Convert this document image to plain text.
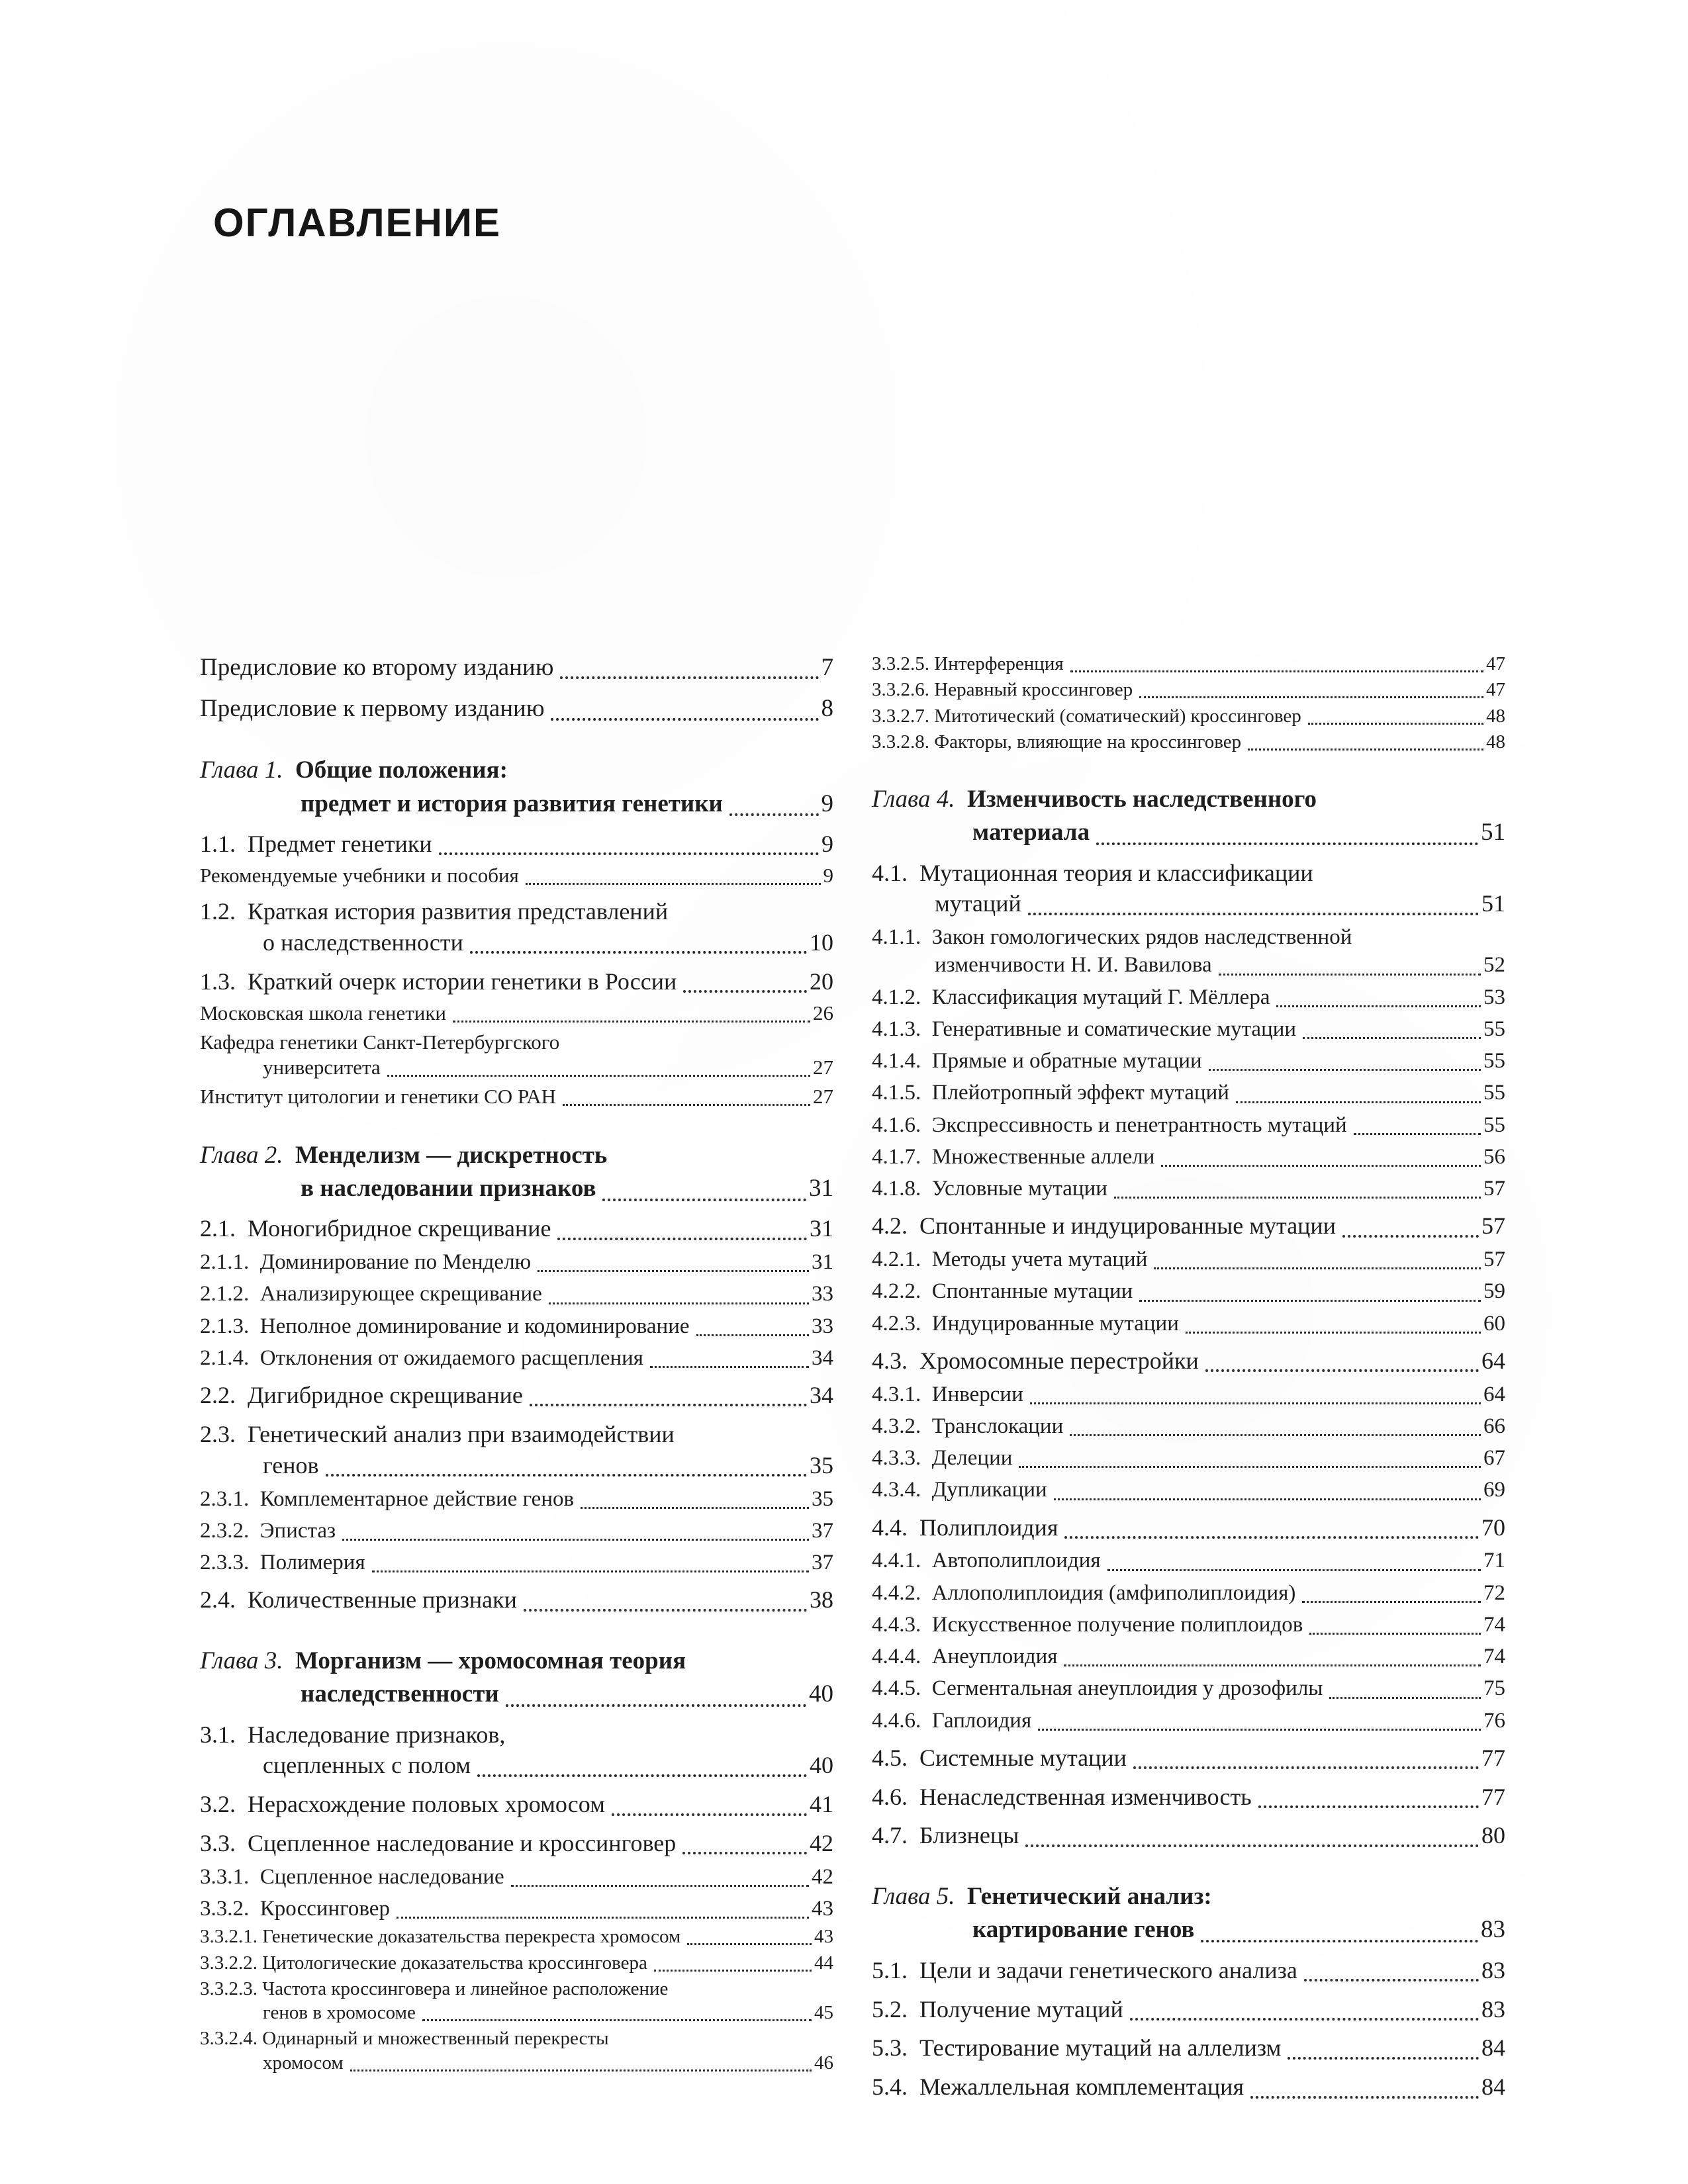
ОГЛАВЛЕНИЕ
Предисловие ко второму изданию	7
Предисловие к первому изданию	8
Глава 1. Общие положения:
предмет и история развития генетики	9
1.1.  Предмет генетики	9
Рекомендуемые учебники и пособия	9
1.2.  Краткая история развития представлений
о наследственности	10
1.3.  Краткий очерк истории генетики в России	20
Московская школа генетики	26
Кафедра генетики Санкт-Петербургского
университета	27
Институт цитологии и генетики СО РАН	27
Глава 2. Менделизм — дискретность
в наследовании признаков	31
2.1.  Моногибридное скрещивание	31
2.1.1.  Доминирование по Менделю	31
2.1.2.  Анализирующее скрещивание	33
2.1.3.  Неполное доминирование и кодоминирование	33
2.1.4.  Отклонения от ожидаемого расщепления	34
2.2.  Дигибридное скрещивание	34
2.3.  Генетический анализ при взаимодействии
генов	35
2.3.1.  Комплементарное действие генов	35
2.3.2.  Эпистаз	37
2.3.3.  Полимерия	37
2.4.  Количественные признаки	38
Глава 3. Морганизм — хромосомная теория
наследственности	40
3.1.  Наследование признаков,
сцепленных с полом	40
3.2.  Нерасхождение половых хромосом	41
3.3.  Сцепленное наследование и кроссинговер	42
3.3.1.  Сцепленное наследование	42
3.3.2.  Кроссинговер	43
3.3.2.1. Генетические доказательства перекреста хромосом	43
3.3.2.2. Цитологические доказательства кроссинговера	44
3.3.2.3. Частота кроссинговера и линейное расположение
генов в хромосоме	45
3.3.2.4. Одинарный и множественный перекресты
хромосом	46
3.3.2.5. Интерференция	47
3.3.2.6. Неравный кроссинговер	47
3.3.2.7. Митотический (соматический) кроссинговер	48
3.3.2.8. Факторы, влияющие на кроссинговер	48
Глава 4. Изменчивость наследственного
материала	51
4.1.  Мутационная теория и классификации
мутаций	51
4.1.1.  Закон гомологических рядов наследственной
изменчивости Н. И. Вавилова	52
4.1.2.  Классификация мутаций Г. Мёллера	53
4.1.3.  Генеративные и соматические мутации	55
4.1.4.  Прямые и обратные мутации	55
4.1.5.  Плейотропный эффект мутаций	55
4.1.6.  Экспрессивность и пенетрантность мутаций	55
4.1.7.  Множественные аллели	56
4.1.8.  Условные мутации	57
4.2.  Спонтанные и индуцированные мутации	57
4.2.1.  Методы учета мутаций	57
4.2.2.  Спонтанные мутации	59
4.2.3.  Индуцированные мутации	60
4.3.  Хромосомные перестройки	64
4.3.1.  Инверсии	64
4.3.2.  Транслокации	66
4.3.3.  Делеции	67
4.3.4.  Дупликации	69
4.4.  Полиплоидия	70
4.4.1.  Автополиплоидия	71
4.4.2.  Аллополиплоидия (амфиполиплоидия)	72
4.4.3.  Искусственное получение полиплоидов	74
4.4.4.  Анеуплоидия	74
4.4.5.  Сегментальная анеуплоидия у дрозофилы	75
4.4.6.  Гаплоидия	76
4.5.  Системные мутации	77
4.6.  Ненаследственная изменчивость	77
4.7.  Близнецы	80
Глава 5. Генетический анализ:
картирование генов	83
5.1.  Цели и задачи генетического анализа	83
5.2.  Получение мутаций	83
5.3.  Тестирование мутаций на аллелизм	84
5.4.  Межаллельная комплементация	84
